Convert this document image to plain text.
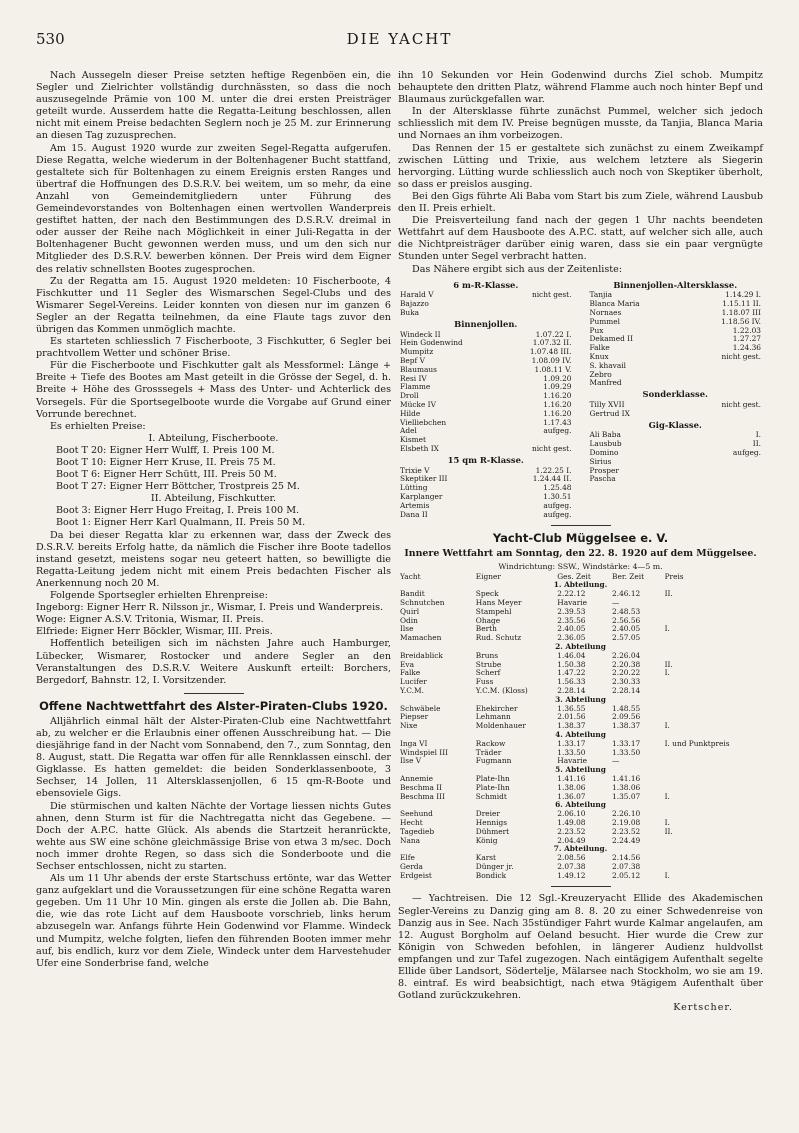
530	DIE YACHT

Nach Aussegeln dieser Preise setzten heftige Regenböen ein, die Segler und Zielrichter vollständig durchnässten, so dass die noch auszusegelnde Prämie von 100 M. unter die drei ersten Preisträger geteilt wurde. Ausserdem hatte die Regatta-Leitung beschlossen, allen nicht mit einem Preise bedachten Seglern noch je 25 M. zur Erinnerung an diesen Tag zuzusprechen.

Am 15. August 1920 wurde zur zweiten Segel-Regatta aufgerufen. Diese Regatta, welche wiederum in der Boltenhagener Bucht stattfand, gestaltete sich für Boltenhagen zu einem Ereignis ersten Ranges und übertraf die Hoffnungen des D.S.R.V. bei weitem, um so mehr, da eine Anzahl von Gemeindemitgliedern unter Führung des Gemeindevorstandes von Boltenhagen einen wertvollen Wanderpreis gestiftet hatten, der nach den Bestimmungen des D.S.R.V. dreimal in oder ausser der Reihe nach Möglichkeit in einer Juli-Regatta in der Boltenhagener Bucht gewonnen werden muss, und um den sich nur Mitglieder des D.S.R.V. bewerben können. Der Preis wird dem Eigner des relativ schnellsten Bootes zugesprochen.

Zu der Regatta am 15. August 1920 meldeten: 10 Fischerboote, 4 Fischkutter und 11 Segler des Wismarschen Segel-Clubs und des Wismarer Segel-Vereins. Leider konnten von diesen nur im ganzen 6 Segler an der Regatta teilnehmen, da eine Flaute tags zuvor den übrigen das Kommen unmöglich machte.

Es starteten schliesslich 7 Fischerboote, 3 Fischkutter, 6 Segler bei prachtvollem Wetter und schöner Brise.

Für die Fischerboote und Fischkutter galt als Messformel: Länge + Breite + Tiefe des Bootes am Mast geteilt in die Grösse der Segel, d. h. Breite + Höhe des Grosssegels + Mass des Unter- und Achterlick des Vorsegels. Für die Sportsegelboote wurde die Vorgabe auf Grund einer Vorrunde berechnet.

Es erhielten Preise:

I. Abteilung, Fischerboote.
Boot T 20: Eigner Herr Wulff, I. Preis 100 M.
Boot T 10: Eigner Herr Kruse, II. Preis 75 M.
Boot T 6: Eigner Herr Schütt, III. Preis 50 M.
Boot T 27: Eigner Herr Böttcher, Trostpreis 25 M.
II. Abteilung, Fischkutter.
Boot 3: Eigner Herr Hugo Freitag, I. Preis 100 M.
Boot 1: Eigner Herr Karl Qualmann, II. Preis 50 M.

Da bei dieser Regatta klar zu erkennen war, dass der Zweck des D.S.R.V. bereits Erfolg hatte, da nämlich die Fischer ihre Boote tadellos instand gesetzt, meistens sogar neu geteert hatten, so bewilligte die Regatta-Leitung jedem nicht mit einem Preis bedachten Fischer als Anerkennung noch 20 M.

Folgende Sportsegler erhielten Ehrenpreise:

Ingeborg: Eigner Herr R. Nilsson jr., Wismar, I. Preis und Wanderpreis.
Woge: Eigner A.S.V. Tritonia, Wismar, II. Preis.
Elfriede: Eigner Herr Böckler, Wismar, III. Preis.

Hoffentlich beteiligen sich im nächsten Jahre auch Hamburger, Lübecker, Wismarer, Rostocker und andere Segler an den Veranstaltungen des D.S.R.V. Weitere Auskunft erteilt: Borchers, Bergedorf, Bahnstr. 12, I. Vorsitzender.

Offene Nachtwettfahrt des Alster-Piraten-Clubs 1920.

Alljährlich einmal hält der Alster-Piraten-Club eine Nachtwettfahrt ab, zu welcher er die Erlaubnis einer offenen Ausschreibung hat. — Die diesjährige fand in der Nacht vom Sonnabend, den 7., zum Sonntag, den 8. August, statt. Die Regatta war offen für alle Rennklassen einschl. der Gigklasse. Es hatten gemeldet: die beiden Sonderklassenboote, 3 Sechser, 14 Jollen, 11 Altersklassenjollen, 6 15 qm-R-Boote und ebensoviele Gigs.

Die stürmischen und kalten Nächte der Vortage liessen nichts Gutes ahnen, denn Sturm ist für die Nachtregatta nicht das Gegebene. — Doch der A.P.C. hatte Glück. Als abends die Startzeit heranrückte, wehte aus SW eine schöne gleichmässige Brise von etwa 3 m/sec. Doch noch immer drohte Regen, so dass sich die Sonderboote und die Sechser entschlossen, nicht zu starten.

Als um 11 Uhr abends der erste Startschuss ertönte, war das Wetter ganz aufgeklart und die Voraussetzungen für eine schöne Regatta waren gegeben. Um 11 Uhr 10 Min. gingen als erste die Jollen ab. Die Bahn, die, wie das rote Licht auf dem Hausboote vorschrieb, links herum abzusegeln war. Anfangs führte Hein Godenwind vor Flamme. Windeck und Mumpitz, welche folgten, liefen den führenden Booten immer mehr auf, bis endlich, kurz vor dem Ziele, Windeck unter dem Harvestehuder Ufer eine Sonderbrise fand, welche

ihn 10 Sekunden vor Hein Godenwind durchs Ziel schob. Mumpitz behauptete den dritten Platz, während Flamme auch noch hinter Bepf und Blaumaus zurückgefallen war.

In der Altersklasse führte zunächst Pummel, welcher sich jedoch schliesslich mit dem IV. Preise begnügen musste, da Tanjia, Blanca Maria und Nornaes an ihm vorbeizogen.

Das Rennen der 15 er gestaltete sich zunächst zu einem Zweikampf zwischen Lütting und Trixie, aus welchem letztere als Siegerin hervorging. Lütting wurde schliesslich auch noch von Skeptiker überholt, so dass er preislos ausging.

Bei den Gigs führte Ali Baba vom Start bis zum Ziele, während Lausbub den II. Preis erhielt.

Die Preisverteilung fand nach der gegen 1 Uhr nachts beendeten Wettfahrt auf dem Hausboote des A.P.C. statt, auf welcher sich alle, auch die Nichtpreisträger darüber einig waren, dass sie ein paar vergnügte Stunden unter Segel verbracht hatten.

Das Nähere ergibt sich aus der Zeitenliste:

6 m-R-Klasse.
Harald V	nicht gest.
Bajazzo	
Buka	
Binnenjollen.
Windeck II	1.07.22 I.
Hein Godenwind	1.07.32 II.
Mumpitz	1.07.48 III.
Bepf V	1.08.09 IV.
Blaumaus	1.08.11 V.
Resi IV	1.09.20
Flamme	1.09.29
Droll	1.16.20
Mücke IV	1.16.20
Hilde	1.16.20
Vielliebchen	1.17.43
Adel	aufgeg.
Kismet	
Elsbeth IX	nicht gest.
15 qm R-Klasse.
Trixie V	1.22.25 I.
Skeptiker III	1.24.44 II.
Lütting	1.25.48
Karplanger	1.30.51
Artemis	aufgeg.
Dana II	aufgeg.
Binnenjollen-Altersklasse.
Tanjia	1.14.29 I.
Blanca Maria	1.15.11 II.
Nornaes	1.18.07 III
Pummel	1.18.56 IV.
Pux	1.22.03
Dekamed II	1.27.27
Falke	1.24.36
Knux	nicht gest.
S. khavail	
Zebro	
Manfred	
Sonderklasse.
Tilly XVII	nicht gest.
Gertrud IX	
Gig-Klasse.
Ali Baba	I.
Lausbub	II.
Domino	aufgeg.
Sirius	
Prosper	
Pascha	
Yacht-Club Müggelsee e. V.
Innere Wettfahrt am Sonntag, den 22. 8. 1920 auf dem Müggelsee.
Windrichtung: SSW., Windstärke: 4—5 m.
Yacht	Eigner	Ges. Zeit	Ber. Zeit	Preis
1. Abteilung.				
Bandit	Speck	2.22.12	2.46.12	II.
Schnutchen	Hans Meyer	Havarie	—	
Quirl	Stampehl	2.39.53	2.48.53	
Odin	Ohage	2.35.56	2.56.56	
Ilse	Berth	2.40.05	2.40.05	I.
Mamachen	Rud. Schutz	2.36.05	2.57.05	
2. Abteilung				
Breidablick	Bruns	1.46.04	2.26.04	
Eva	Strube	1.50.38	2.20.38	II.
Falke	Scherf	1.47.22	2.20.22	I.
Lucifer	Fuss	1.56.33	2.30.33	
Y.C.M.	Y.C.M. (Kloss)	2.28.14	2.28.14	
3. Abteilung				
Schwäbele	Ehekircher	1.36.55	1.48.55	
Piepser	Lehmann	2.01.56	2.09.56	
Nixe	Moldenhauer	1.38.37	1.38.37	I.
4. Abteilung				
Inga VI	Rackow	1.33.17	1.33.17	I. und Punktpreis
Windspiel III	Träder	1.33.50	1.33.50	
Ilse V	Fugmann	Havarie	—	
5. Abteilung				
Annemie	Plate-Ihn	1.41.16	1.41.16	
Beschma II	Plate-Ihn	1.38.06	1.38.06	
Beschma III	Schmidt	1.36.07	1.35.07	I.
6. Abteilung				
Seehund	Dreier	2.06.10	2.26.10	
Hecht	Hennigs	1.49.08	2.19.08	I.
Tagedieb	Dühmert	2.23.52	2.23.52	II.
Nana	König	2.04.49	2.24.49	
7. Abteilung.				
Elfe	Karst	2.08.56	2.14.56	
Gerda	Dünger jr.	2.07.38	2.07.38	
Erdgeist	Bondick	1.49.12	2.05.12	I.

— Yachtreisen. Die 12 Sgl.-Kreuzeryacht Ellide des Akademischen Segler-Vereins zu Danzig ging am 8. 8. 20 zu einer Schwedenreise von Danzig aus in See. Nach 35stündiger Fahrt wurde Kalmar angelaufen, am 12. August Borgholm auf Oeland besucht. Hier wurde die Crew zur Königin von Schweden befohlen, in längerer Audienz huldvollst empfangen und zur Tafel zugezogen. Nach eintägigem Aufenthalt segelte Ellide über Landsort, Södertelje, Mälarsee nach Stockholm, wo sie am 19. 8. eintraf. Es wird beabsichtigt, nach etwa 9tägigem Aufenthalt über Gotland zurückzukehren.

Kertscher.
